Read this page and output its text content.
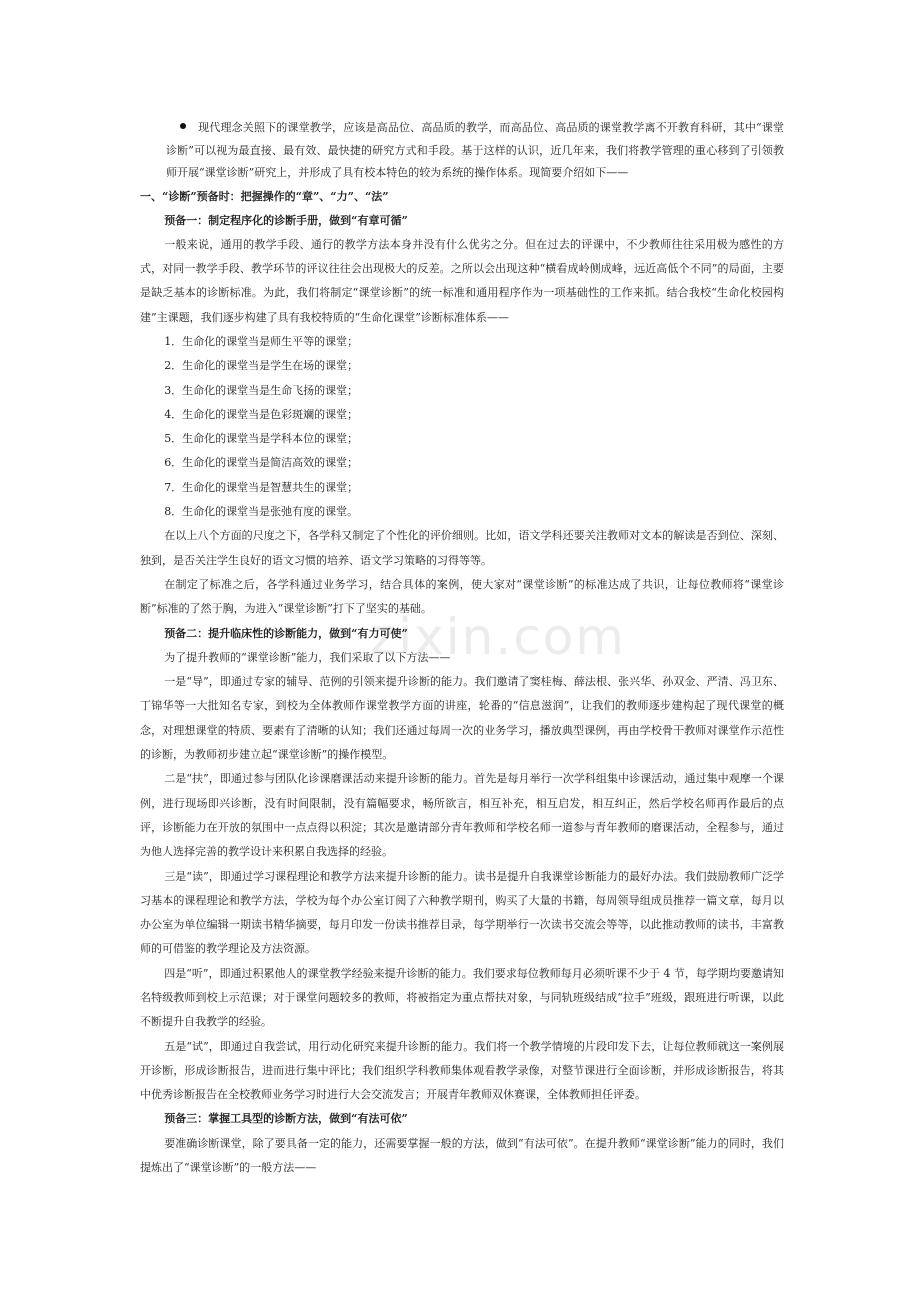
zixin.com

现代理念关照下的课堂教学，应该是高品位、高品质的教学，而高品位、高品质的课堂教学离不开教育科研，其中“课堂诊断”可以视为最直接、最有效、最快捷的研究方式和手段。基于这样的认识，近几年来，我们将教学管理的重心移到了引领教师开展“课堂诊断”研究上，并形成了具有校本特色的较为系统的操作体系。现简要介绍如下——

一、“诊断”预备时：把握操作的“章”、“力”、“法”

预备一：制定程序化的诊断手册，做到“有章可循”

一般来说，通用的教学手段、通行的教学方法本身并没有什么优劣之分。但在过去的评课中，不少教师往往采用极为感性的方式，对同一教学手段、教学环节的评议往往会出现极大的反差。之所以会出现这种“横看成岭侧成峰，远近高低个不同”的局面，主要是缺乏基本的诊断标准。为此，我们将制定“课堂诊断”的统一标准和通用程序作为一项基础性的工作来抓。结合我校“生命化校园构建”主课题，我们逐步构建了具有我校特质的“生命化课堂”诊断标准体系——

1．生命化的课堂当是师生平等的课堂；

2．生命化的课堂当是学生在场的课堂；

3．生命化的课堂当是生命飞扬的课堂；

4．生命化的课堂当是色彩斑斓的课堂；

5．生命化的课堂当是学科本位的课堂；

6．生命化的课堂当是简洁高效的课堂；

7．生命化的课堂当是智慧共生的课堂；

8．生命化的课堂当是张弛有度的课堂。

在以上八个方面的尺度之下，各学科又制定了个性化的评价细则。比如，语文学科还要关注教师对文本的解读是否到位、深刻、独到，是否关注学生良好的语文习惯的培养、语文学习策略的习得等等。

在制定了标准之后，各学科通过业务学习，结合具体的案例，使大家对“课堂诊断”的标准达成了共识，让每位教师将“课堂诊断”标准的了然于胸，为进入“课堂诊断”打下了坚实的基础。

预备二：提升临床性的诊断能力，做到“有力可使”

为了提升教师的“课堂诊断”能力，我们采取了以下方法——

一是“导”，即通过专家的辅导、范例的引领来提升诊断的能力。我们邀请了窦桂梅、薛法根、张兴华、孙双金、严清、冯卫东、丁锦华等一大批知名专家，到校为全体教师作课堂教学方面的讲座，轮番的“信息滋润”，让我们的教师逐步建构起了现代课堂的概念，对理想课堂的特质、要素有了清晰的认知；我们还通过每周一次的业务学习，播放典型课例，再由学校骨干教师对课堂作示范性的诊断，为教师初步建立起“课堂诊断”的操作模型。

二是“扶”，即通过参与团队化诊课磨课活动来提升诊断的能力。首先是每月举行一次学科组集中诊课活动，通过集中观摩一个课例，进行现场即兴诊断，没有时间限制，没有篇幅要求，畅所欲言，相互补充，相互启发，相互纠正，然后学校名师再作最后的点评，诊断能力在开放的氛围中一点点得以积淀；其次是邀请部分青年教师和学校名师一道参与青年教师的磨课活动，全程参与，通过为他人选择完善的教学设计来积累自我选择的经验。

三是“读”，即通过学习课程理论和教学方法来提升诊断的能力。读书是提升自我课堂诊断能力的最好办法。我们鼓励教师广泛学习基本的课程理论和教学方法，学校为每个办公室订阅了六种教学期刊，购买了大量的书籍，每周领导组成员推荐一篇文章，每月以办公室为单位编辑一期读书精华摘要，每月印发一份读书推荐目录，每学期举行一次读书交流会等等，以此推动教师的读书，丰富教师的可借鉴的教学理论及方法资源。

四是“听”，即通过积累他人的课堂教学经验来提升诊断的能力。我们要求每位教师每月必须听课不少于 4 节，每学期均要邀请知名特级教师到校上示范课；对于课堂问题较多的教师，将被指定为重点帮扶对象，与同轨班级结成“拉手”班级，跟班进行听课，以此不断提升自我教学的经验。

五是“试”，即通过自我尝试，用行动化研究来提升诊断的能力。我们将一个教学情境的片段印发下去，让每位教师就这一案例展开诊断，形成诊断报告，进而进行集中评比；我们组织学科教师集体观看教学录像，对整节课进行全面诊断，并形成诊断报告，将其中优秀诊断报告在全校教师业务学习时进行大会交流发言；开展青年教师双休赛课，全体教师担任评委。

预备三：掌握工具型的诊断方法，做到“有法可依”

要准确诊断课堂，除了要具备一定的能力，还需要掌握一般的方法，做到“有法可依”。在提升教师“课堂诊断”能力的同时，我们提炼出了“课堂诊断”的一般方法——
